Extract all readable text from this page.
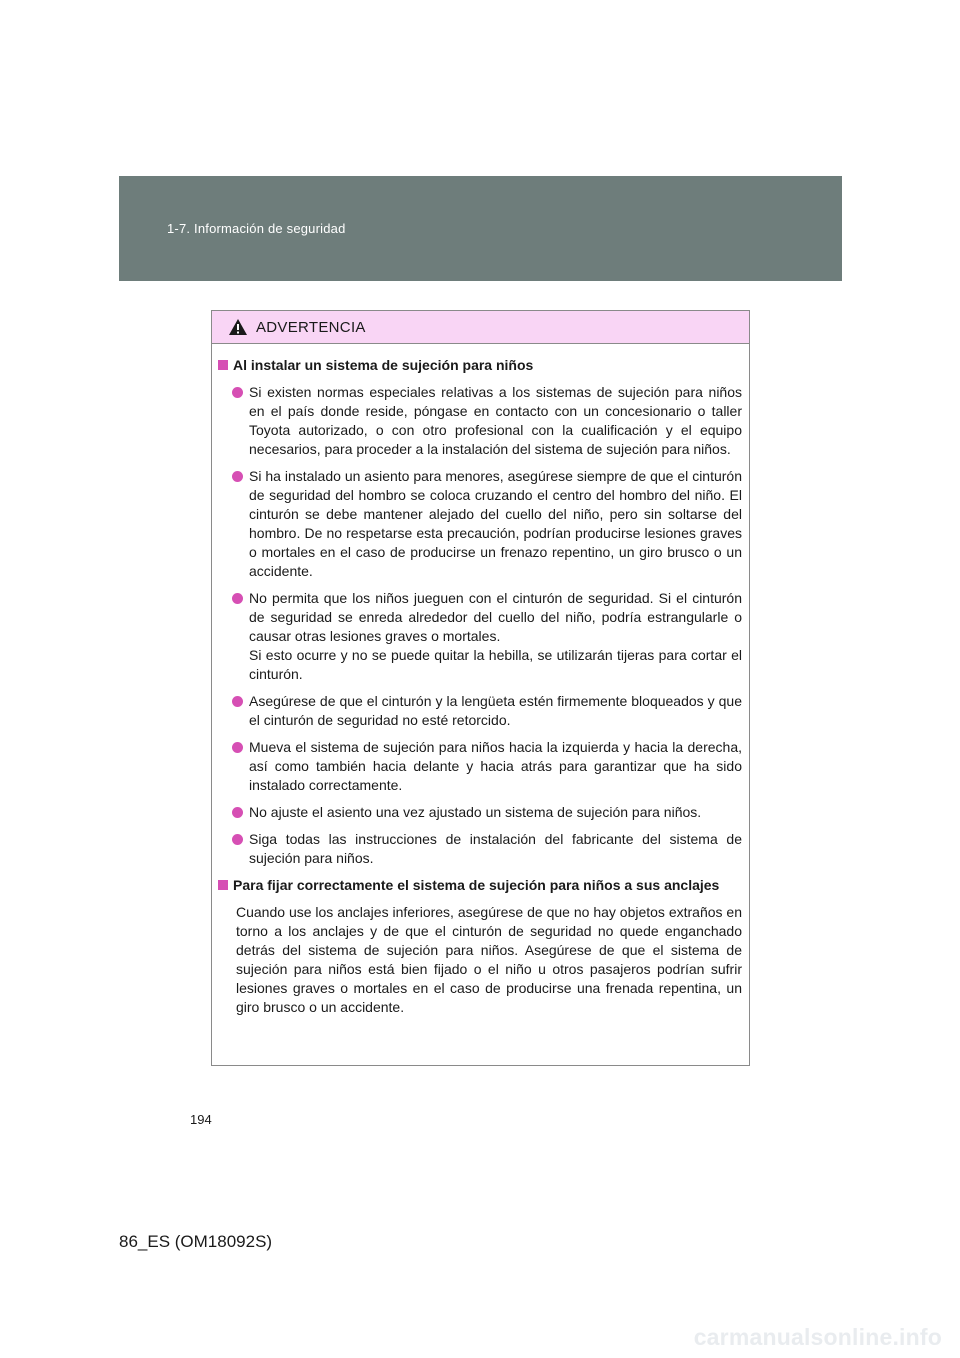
1-7. Información de seguridad
ADVERTENCIA
Al instalar un sistema de sujeción para niños

Si existen normas especiales relativas a los sistemas de sujeción para niños en el país donde reside, póngase en contacto con un concesionario o taller Toyota autorizado, o con otro profesional con la cualificación y el equipo necesarios, para proceder a la instalación del sistema de sujeción para niños.

Si ha instalado un asiento para menores, asegúrese siempre de que el cinturón de seguridad del hombro se coloca cruzando el centro del hombro del niño. El cinturón se debe mantener alejado del cuello del niño, pero sin soltarse del hombro. De no respetarse esta precaución, podrían producirse lesiones graves o mortales en el caso de producirse un frenazo repentino, un giro brusco o un accidente.

No permita que los niños jueguen con el cinturón de seguridad. Si el cinturón de seguridad se enreda alrededor del cuello del niño, podría estrangularle o causar otras lesiones graves o mortales.

Si esto ocurre y no se puede quitar la hebilla, se utilizarán tijeras para cortar el cinturón.

Asegúrese de que el cinturón y la lengüeta estén firmemente bloqueados y que el cinturón de seguridad no esté retorcido.

Mueva el sistema de sujeción para niños hacia la izquierda y hacia la derecha, así como también hacia delante y hacia atrás para garantizar que ha sido instalado correctamente.

No ajuste el asiento una vez ajustado un sistema de sujeción para niños.

Siga todas las instrucciones de instalación del fabricante del sistema de sujeción para niños.

Para fijar correctamente el sistema de sujeción para niños a sus anclajes

Cuando use los anclajes inferiores, asegúrese de que no hay objetos extraños en torno a los anclajes y de que el cinturón de seguridad no quede enganchado detrás del sistema de sujeción para niños. Asegúrese de que el sistema de sujeción para niños está bien fijado o el niño u otros pasajeros podrían sufrir lesiones graves o mortales en el caso de producirse una frenada repentina, un giro brusco o un accidente.

194
86_ES (OM18092S)
carmanualsonline.info
